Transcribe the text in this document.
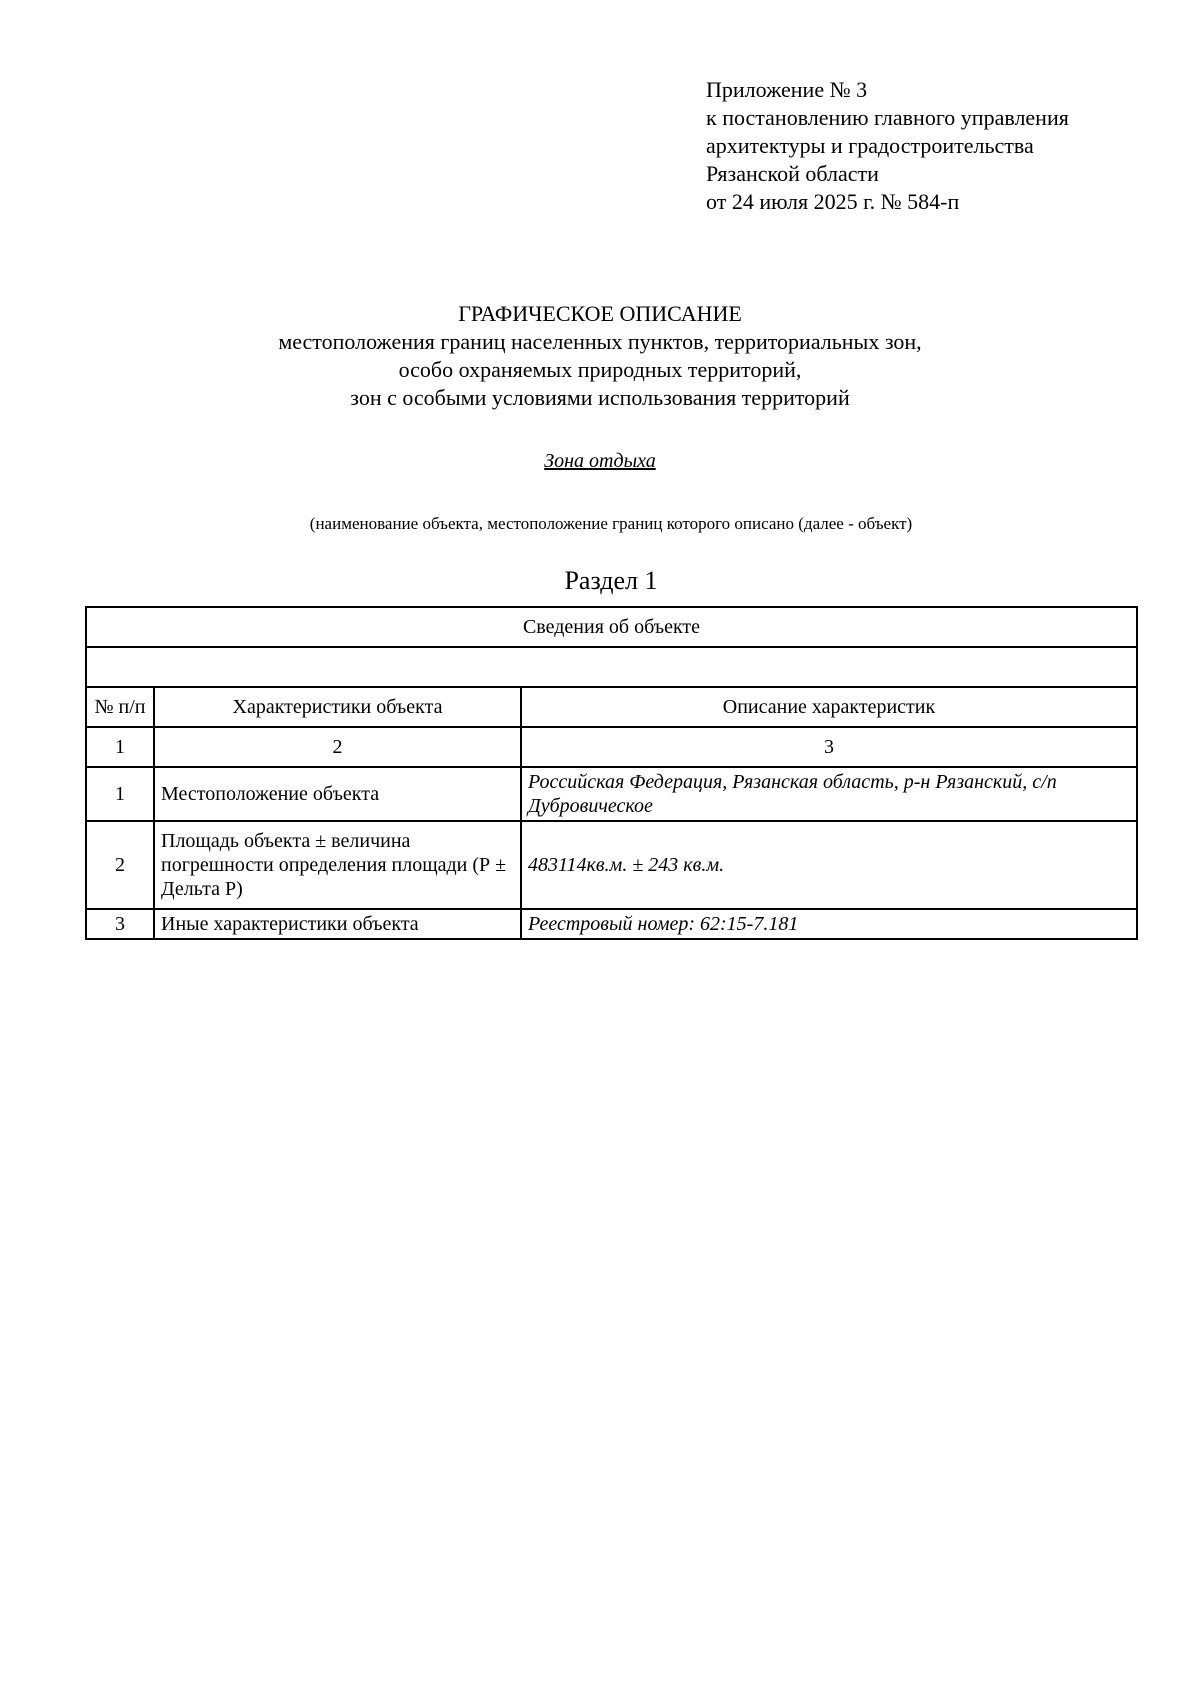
Приложение № 3
к постановлению главного управления
архитектуры и градостроительства
Рязанской области
от 24 июля 2025 г. № 584-п
ГРАФИЧЕСКОЕ ОПИСАНИЕ
местоположения границ населенных пунктов, территориальных зон,
особо охраняемых природных территорий,
зон с особыми условиями использования территорий
Зона отдыха
(наименование объекта, местоположение границ которого описано (далее - объект)
Раздел 1
Сведения об объекте		

№ п/п	Характеристики объекта	Описание характеристик
1	2	3
1	Местоположение объекта	Российская Федерация, Рязанская область, р-н Рязанский, с/п Дубровическое
2	Площадь объекта ± величина погрешности определения площади (Р ± Дельта Р)	483114кв.м. ± 243 кв.м.
3	Иные характеристики объекта	Реестровый номер: 62:15-7.181
